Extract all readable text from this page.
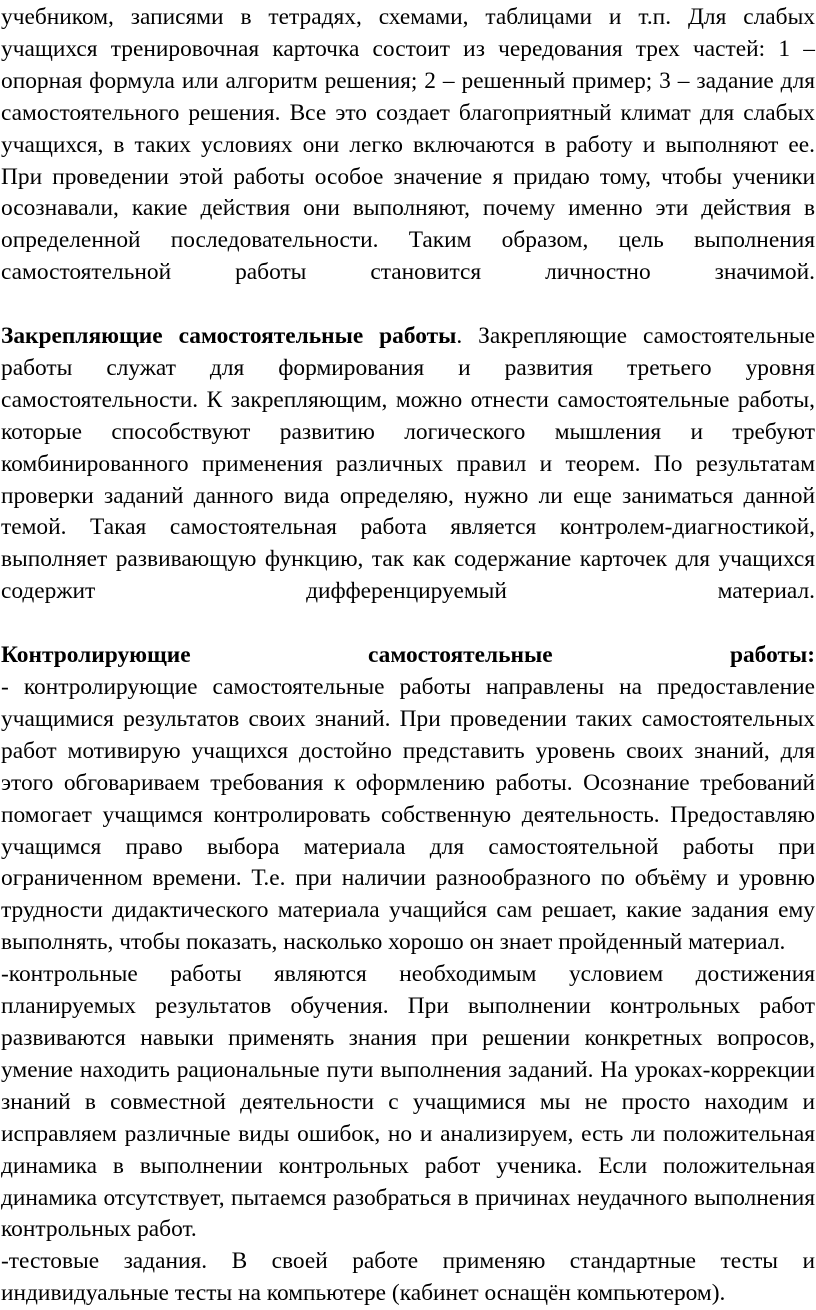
учебником, записями в тетрадях, схемами, таблицами и т.п. Для слабых учащихся тренировочная карточка состоит из чередования трех частей: 1 – опорная формула или алгоритм решения; 2 – решенный пример; 3 – задание для самостоятельного решения. Все это создает благоприятный климат для слабых учащихся, в таких условиях они легко включаются в работу и выполняют ее. При проведении этой работы особое значение я придаю тому, чтобы ученики осознавали, какие действия они выполняют, почему именно эти действия в определенной последовательности. Таким образом, цель выполнения самостоятельной работы становится личностно значимой.

Закрепляющие самостоятельные работы. Закрепляющие самостоятельные работы служат для формирования и развития третьего уровня самостоятельности. К закрепляющим, можно отнести самостоятельные работы, которые способствуют развитию логического мышления и требуют комбинированного применения различных правил и теорем. По результатам проверки заданий данного вида определяю, нужно ли еще заниматься данной темой. Такая самостоятельная работа является контролем-диагностикой, выполняет развивающую функцию, так как содержание карточек для учащихся содержит дифференцируемый материал.

Контролирующие самостоятельные работы:

- контролирующие самостоятельные работы направлены на предоставление учащимися результатов своих знаний. При проведении таких самостоятельных работ мотивирую учащихся достойно представить уровень своих знаний, для этого обговариваем требования к оформлению работы. Осознание требований помогает учащимся контролировать собственную деятельность. Предоставляю учащимся право выбора материала для самостоятельной работы при ограниченном времени. Т.е. при наличии разнообразного по объёму и уровню трудности дидактического материала учащийся сам решает, какие задания ему выполнять, чтобы показать, насколько хорошо он знает пройденный материал.

-контрольные работы являются необходимым условием достижения планируемых результатов обучения. При выполнении контрольных работ развиваются навыки применять знания при решении конкретных вопросов, умение находить рациональные пути выполнения заданий. На уроках-коррекции знаний в совместной деятельности с учащимися мы не просто находим и исправляем различные виды ошибок, но и анализируем, есть ли положительная динамика в выполнении контрольных работ ученика. Если положительная динамика отсутствует, пытаемся разобраться в причинах неудачного выполнения контрольных работ.

-тестовые задания. В своей работе применяю стандартные тесты и индивидуальные тесты на компьютере (кабинет оснащён компьютером).
